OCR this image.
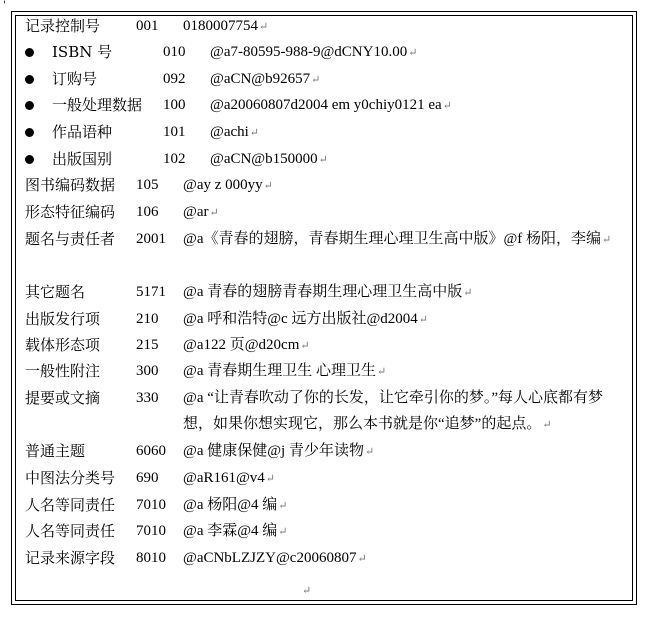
'
记录控制号 001 0180007754↵
ISBN 号	010 @a7-80595-988-9@dCNY10.00↵
订购号	092 @aCN@b92657↵
一般处理数据 100 @a20060807d2004 em y0chiy0121 ea↵
作品语种	101 @achi↵
出版国别	102 @aCN@b150000↵
图书编码数据 105 @ay z 000yy↵
形态特征编码 106 @ar↵
题名与责任者 2001 @a《青春的翅膀，青春期生理心理卫生高中版》@f 杨阳，李编↵
其它题名	5171 @a 青春的翅膀青春期生理心理卫生高中版↵
出版发行项 210 @a 呼和浩特@c 远方出版社@d2004↵
载体形态项 215 @a122 页@d20cm↵
一般性附注 300 @a 青春期生理卫生 心理卫生↵
提要或文摘 330 @a “让青春吹动了你的长发，让它牵引你的梦。”每人心底都有梦想，如果你想实现它，那么本书就是你“追梦”的起点。↵
普通主题	6060 @a 健康保健@j 青少年读物↵
中图法分类号 690 @aR161@v4↵
人名等同责任 7010 @a 杨阳@4 编↵
人名等同责任 7010 @a 李霖@4 编↵
记录来源字段 8010 @aCNbLZJZY@c20060807↵
↵
